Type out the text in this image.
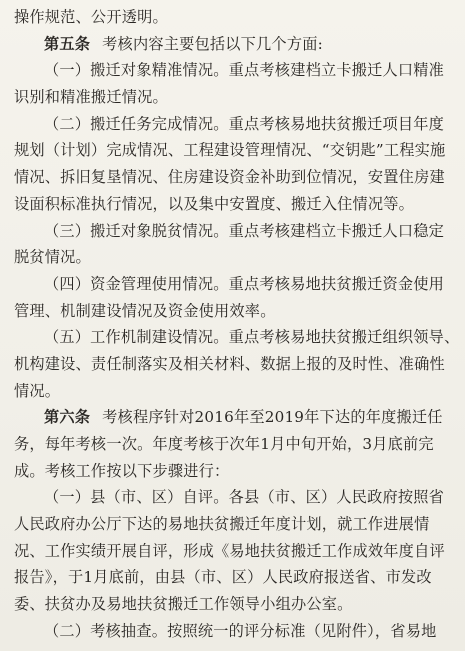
操作规范、公开透明。
第五条 考核内容主要包括以下几个方面:
（一）搬迁对象精准情况。重点考核建档立卡搬迁人口精准
识别和精准搬迁情况。
（二）搬迁任务完成情况。重点考核易地扶贫搬迁项目年度
规划（计划）完成情况、工程建设管理情况、“交钥匙”工程实施
情况、拆旧复垦情况、住房建设资金补助到位情况，安置住房建
设面积标准执行情况，以及集中安置度、搬迁入住情况等。
（三）搬迁对象脱贫情况。重点考核建档立卡搬迁人口稳定
脱贫情况。
（四）资金管理使用情况。重点考核易地扶贫搬迁资金使用
管理、机制建设情况及资金使用效率。
（五）工作机制建设情况。重点考核易地扶贫搬迁组织领导、
机构建设、责任制落实及相关材料、数据上报的及时性、准确性
情况。
第六条 考核程序针对2016年至2019年下达的年度搬迁任
务，每年考核一次。年度考核于次年1月中旬开始，3月底前完
成。考核工作按以下步骤进行：
（一）县（市、区）自评。各县（市、区）人民政府按照省
人民政府办公厅下达的易地扶贫搬迁年度计划，就工作进展情
况、工作实绩开展自评，形成《易地扶贫搬迁工作成效年度自评
报告》，于1月底前，由县（市、区）人民政府报送省、市发改
委、扶贫办及易地扶贫搬迁工作领导小组办公室。
（二）考核抽查。按照统一的评分标准（见附件），省易地
